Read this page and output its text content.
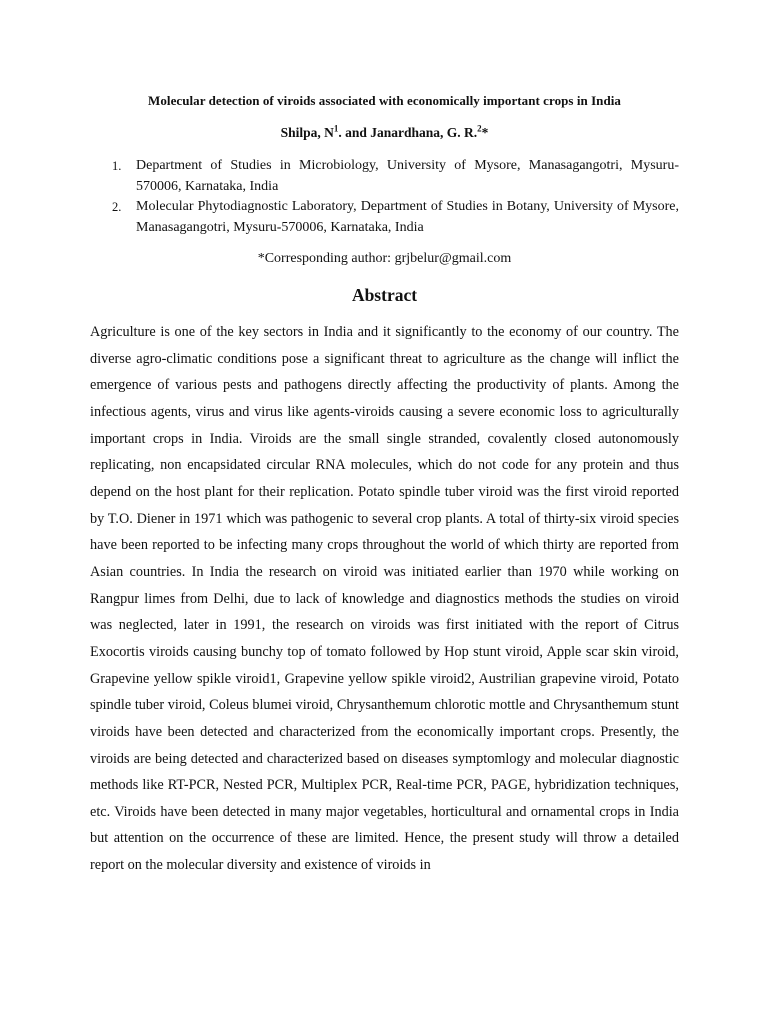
Molecular detection of viroids associated with economically important crops in India
Shilpa, $N^1$. and Janardhana, G. R.$^2$*
1. Department of Studies in Microbiology, University of Mysore, Manasagangotri, Mysuru-570006, Karnataka, India
2. Molecular Phytodiagnostic Laboratory, Department of Studies in Botany, University of Mysore, Manasagangotri, Mysuru-570006, Karnataka, India
*Corresponding author: grjbelur@gmail.com
Abstract

Agriculture is one of the key sectors in India and it significantly to the economy of our country. The diverse agro-climatic conditions pose a significant threat to agriculture as the change will inflict the emergence of various pests and pathogens directly affecting the productivity of plants. Among the infectious agents, virus and virus like agents-viroids causing a severe economic loss to agriculturally important crops in India. Viroids are the small single stranded, covalently closed autonomously replicating, non encapsidated circular RNA molecules, which do not code for any protein and thus depend on the host plant for their replication. Potato spindle tuber viroid was the first viroid reported by T.O. Diener in 1971 which was pathogenic to several crop plants. A total of thirty-six viroid species have been reported to be infecting many crops throughout the world of which thirty are reported from Asian countries. In India the research on viroid was initiated earlier than 1970 while working on Rangpur limes from Delhi, due to lack of knowledge and diagnostics methods the studies on viroid was neglected, later in 1991, the research on viroids was first initiated with the report of Citrus Exocortis viroids causing bunchy top of tomato followed by Hop stunt viroid, Apple scar skin viroid, Grapevine yellow spikle viroid1, Grapevine yellow spikle viroid2, Austrilian grapevine viroid, Potato spindle tuber viroid, Coleus blumei viroid, Chrysanthemum chlorotic mottle and Chrysanthemum stunt viroids have been detected and characterized from the economically important crops. Presently, the viroids are being detected and characterized based on diseases symptomlogy and molecular diagnostic methods like RT-PCR, Nested PCR, Multiplex PCR, Real-time PCR, PAGE, hybridization techniques, etc. Viroids have been detected in many major vegetables, horticultural and ornamental crops in India but attention on the occurrence of these are limited. Hence, the present study will throw a detailed report on the molecular diversity and existence of viroids in
